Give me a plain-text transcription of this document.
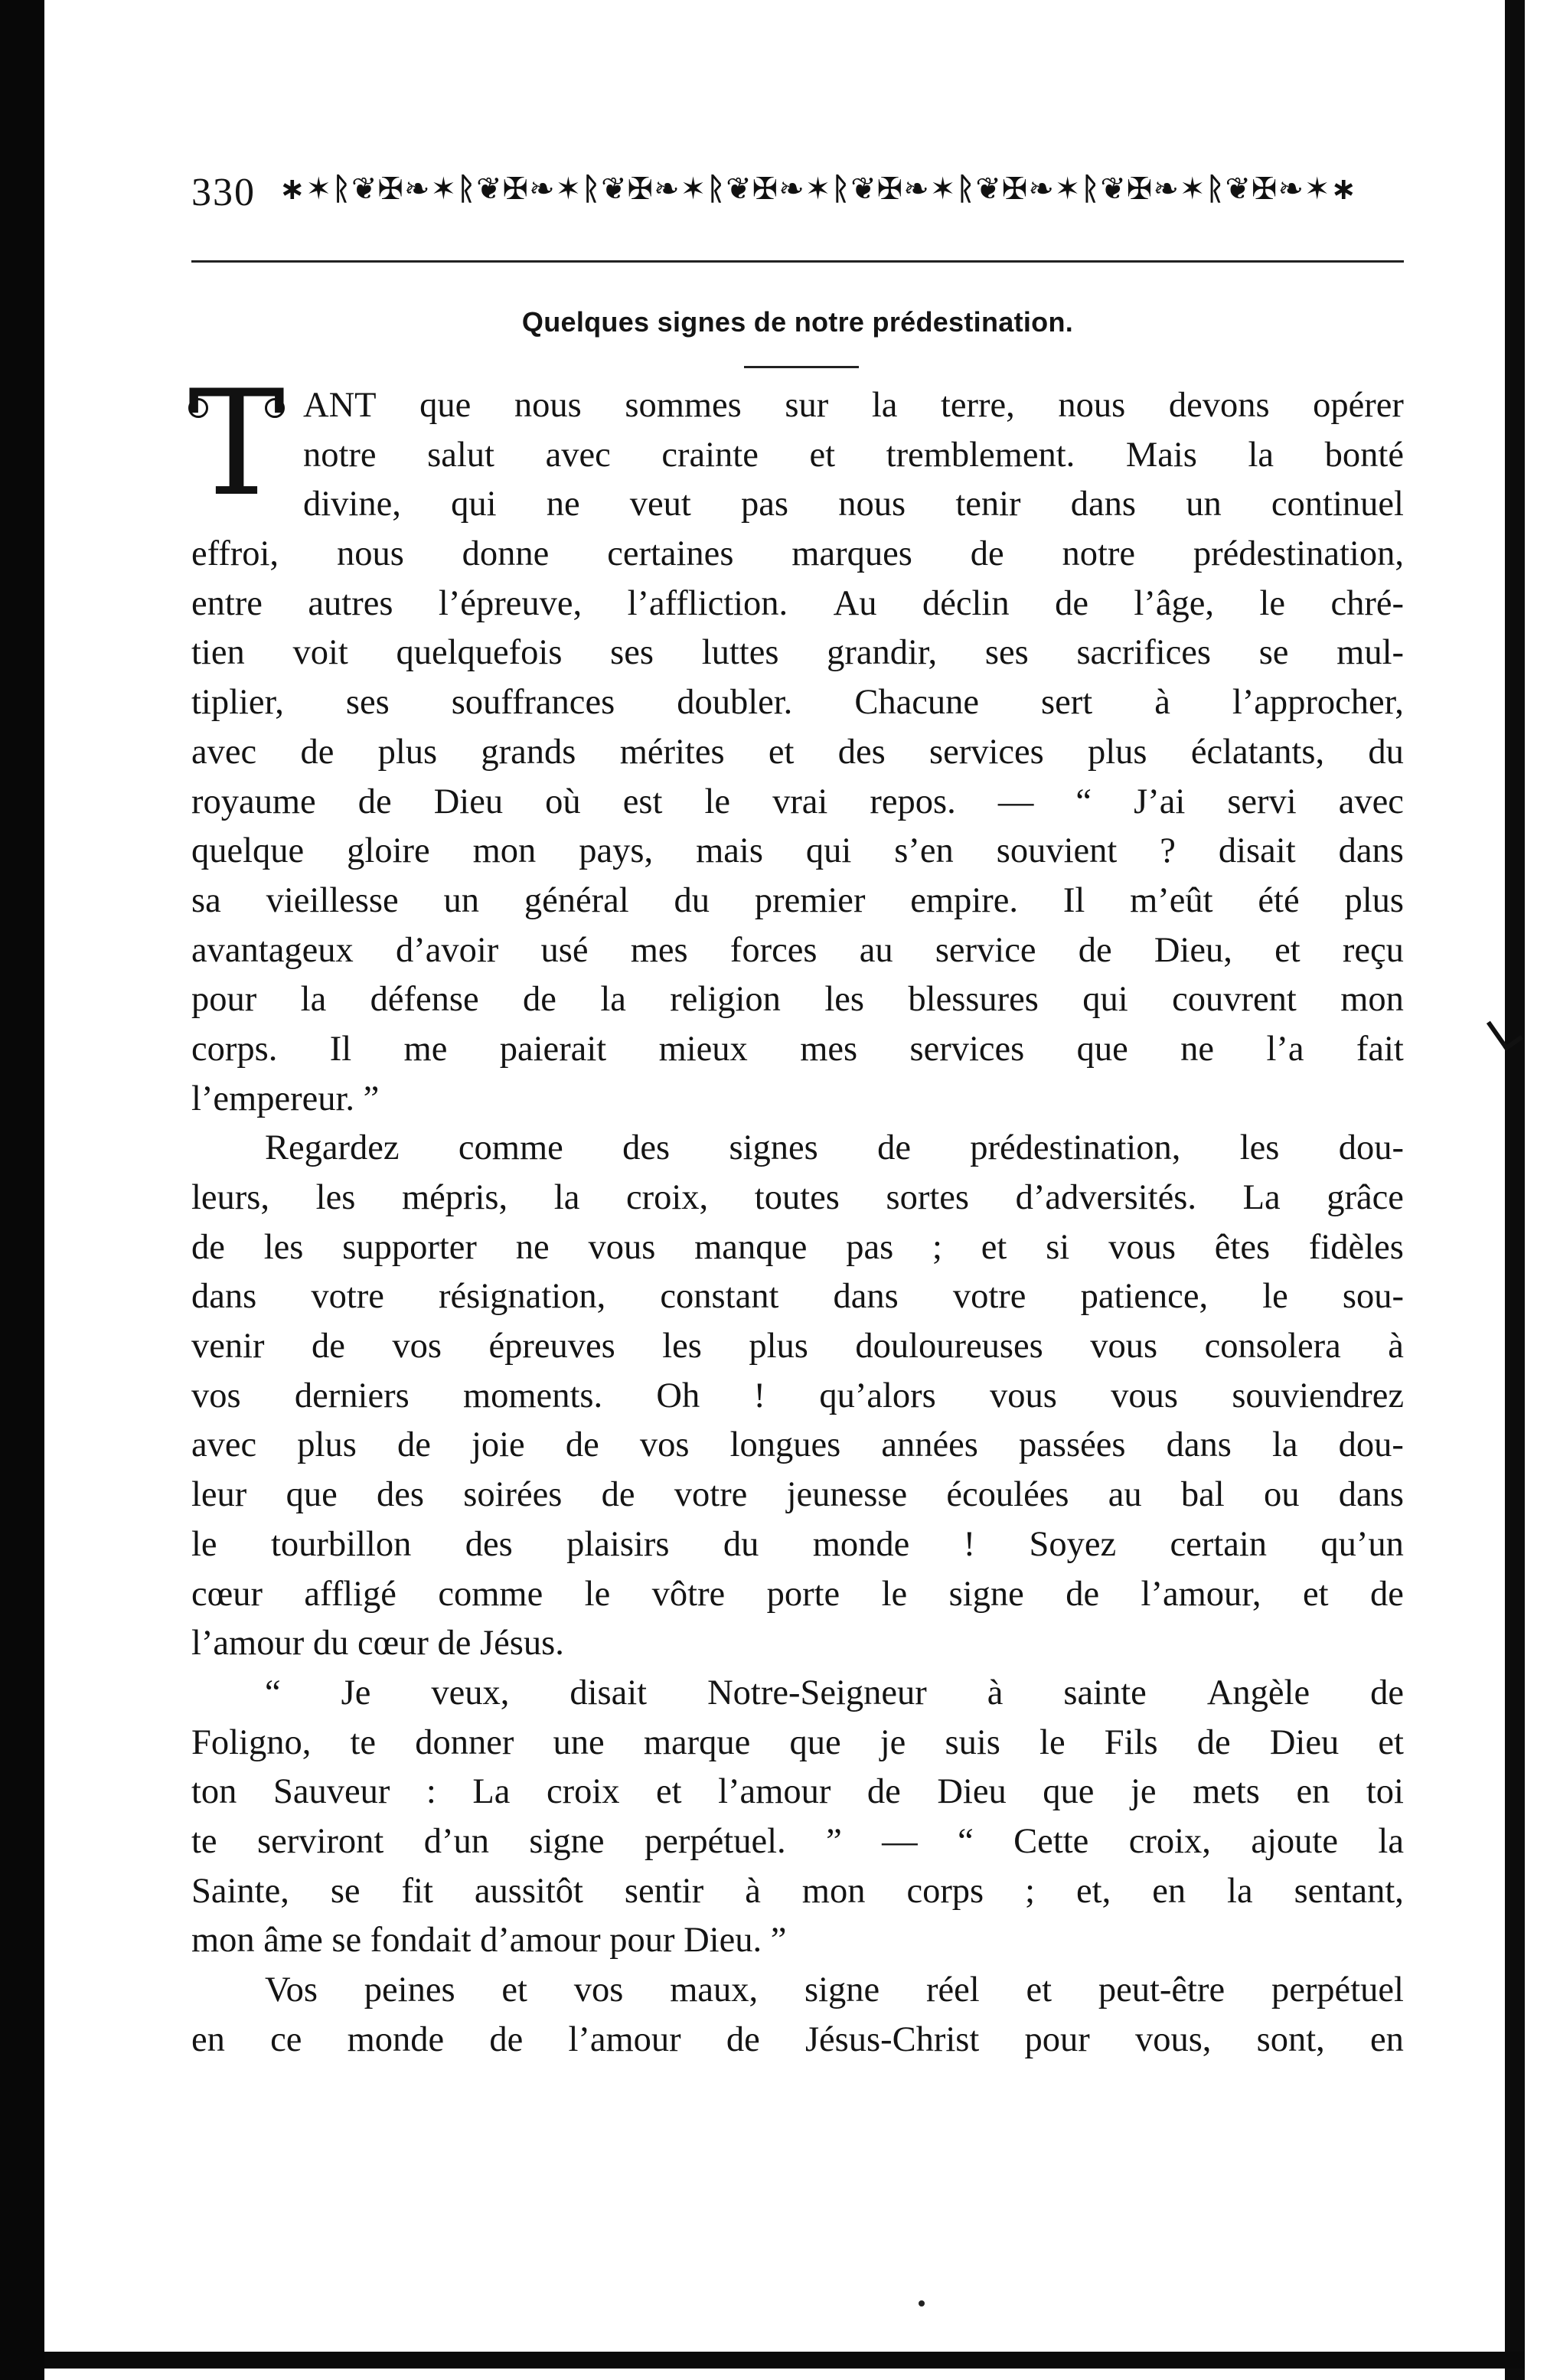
330 ∗✶ᚱ❦✠❧✶ᚱ❦✠❧✶ᚱ❦✠❧✶ᚱ❦✠❧✶ᚱ❦✠❧✶ᚱ❦✠❧✶ᚱ❦✠❧✶ᚱ❦✠❧✶∗
Quelques signes de notre prédestination.
T ANT que nous sommes sur la terre, nous devons opérer
notre salut avec crainte et tremblement. Mais la bonté
divine, qui ne veut pas nous tenir dans un continuel
effroi, nous donne certaines marques de notre prédestination,
entre autres l’épreuve, l’affliction. Au déclin de l’âge, le chré-
tien voit quelquefois ses luttes grandir, ses sacrifices se mul-
tiplier, ses souffrances doubler. Chacune sert à l’approcher,
avec de plus grands mérites et des services plus éclatants, du
royaume de Dieu où est le vrai repos. — “ J’ai servi avec
quelque gloire mon pays, mais qui s’en souvient ? disait dans
sa vieillesse un général du premier empire. Il m’eût été plus
avantageux d’avoir usé mes forces au service de Dieu, et reçu
pour la défense de la religion les blessures qui couvrent mon
corps. Il me paierait mieux mes services que ne l’a fait
l’empereur. ”
Regardez comme des signes de prédestination, les dou-
leurs, les mépris, la croix, toutes sortes d’adversités. La grâce
de les supporter ne vous manque pas ; et si vous êtes fidèles
dans votre résignation, constant dans votre patience, le sou-
venir de vos épreuves les plus douloureuses vous consolera à
vos derniers moments. Oh ! qu’alors vous vous souviendrez
avec plus de joie de vos longues années passées dans la dou-
leur que des soirées de votre jeunesse écoulées au bal ou dans
le tourbillon des plaisirs du monde ! Soyez certain qu’un
cœur affligé comme le vôtre porte le signe de l’amour, et de
l’amour du cœur de Jésus.
“ Je veux, disait Notre-Seigneur à sainte Angèle de
Foligno, te donner une marque que je suis le Fils de Dieu et
ton Sauveur : La croix et l’amour de Dieu que je mets en toi
te serviront d’un signe perpétuel. ” — “ Cette croix, ajoute la
Sainte, se fit aussitôt sentir à mon corps ; et, en la sentant,
mon âme se fondait d’amour pour Dieu. ”
Vos peines et vos maux, signe réel et peut-être perpétuel
en ce monde de l’amour de Jésus-Christ pour vous, sont, en
